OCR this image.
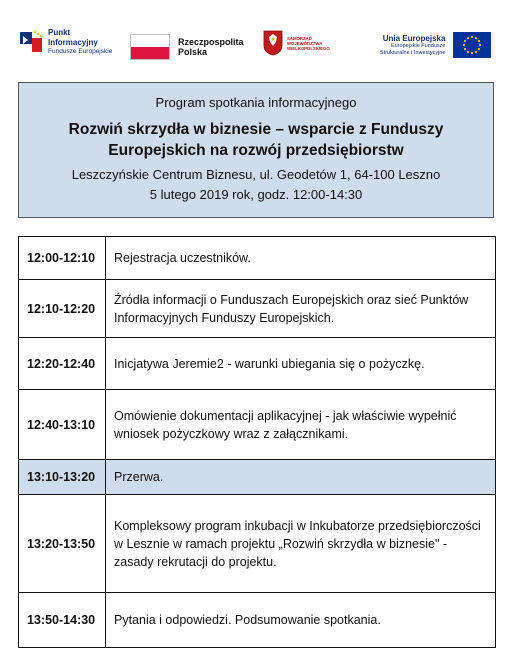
Punkt
Informacyjny
Fundusze Europejskie
Rzeczpospolita
Polska
SAMORZĄD WOJEWÓDZTWA
WIELKOPOLSKIEGO
Unia Europejska
Europejskie Fundusze
Strukturalne i Inwestycyjne
Program spotkania informacyjnego
Rozwiń skrzydła w biznesie – wsparcie z Funduszy
Europejskich na rozwój przedsiębiorstw
Leszczyńskie Centrum Biznesu, ul. Geodetów 1, 64-100 Leszno
5 lutego 2019 rok, godz. 12:00-14:30
12:00-12:10	Rejestracja uczestników.
12:10-12:20	Źródła informacji o Funduszach Europejskich oraz sieć Punktów Informacyjnych Funduszy Europejskich.
12:20-12:40	Inicjatywa Jeremie2 - warunki ubiegania się o pożyczkę.
12:40-13:10	Omówienie dokumentacji aplikacyjnej - jak właściwie wypełnić wniosek pożyczkowy wraz z załącznikami.
13:10-13:20	Przerwa.
13:20-13:50	Kompleksowy program inkubacji w Inkubatorze przedsiębiorczości w Lesznie w ramach projektu „Rozwiń skrzydła w biznesie" - zasady rekrutacji do projektu.
13:50-14:30	Pytania i odpowiedzi. Podsumowanie spotkania.
